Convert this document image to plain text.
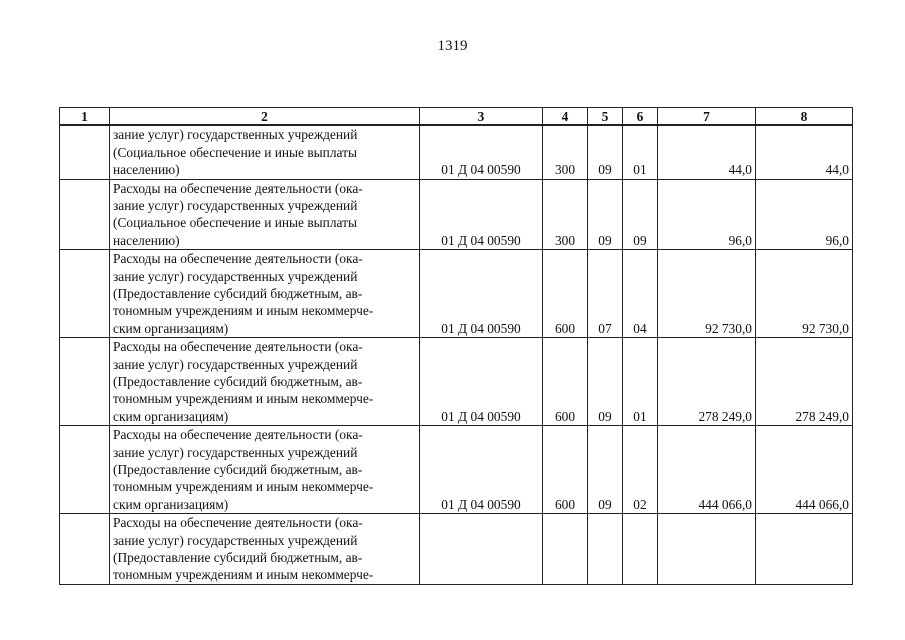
1319
1	2	3	4	5	6	7	8

	зание услуг) государственных учреждений
(Социальное обеспечение и иные выплаты
населению)	01 Д 04 00590	300	09	01	44,0	44,0

	Расходы на обеспечение деятельности (ока-
зание услуг) государственных учреждений
(Социальное обеспечение и иные выплаты
населению)	01 Д 04 00590	300	09	09	96,0	96,0

	Расходы на обеспечение деятельности (ока-
зание услуг) государственных учреждений
(Предоставление субсидий бюджетным, ав-
тономным учреждениям и иным некоммерче-
ским организациям)	01 Д 04 00590	600	07	04	92 730,0	92 730,0

	Расходы на обеспечение деятельности (ока-
зание услуг) государственных учреждений
(Предоставление субсидий бюджетным, ав-
тономным учреждениям и иным некоммерче-
ским организациям)	01 Д 04 00590	600	09	01	278 249,0	278 249,0

	Расходы на обеспечение деятельности (ока-
зание услуг) государственных учреждений
(Предоставление субсидий бюджетным, ав-
тономным учреждениям и иным некоммерче-
ским организациям)	01 Д 04 00590	600	09	02	444 066,0	444 066,0

	Расходы на обеспечение деятельности (ока-
зание услуг) государственных учреждений
(Предоставление субсидий бюджетным, ав-
тономным учреждениям и иным некоммерче-						
